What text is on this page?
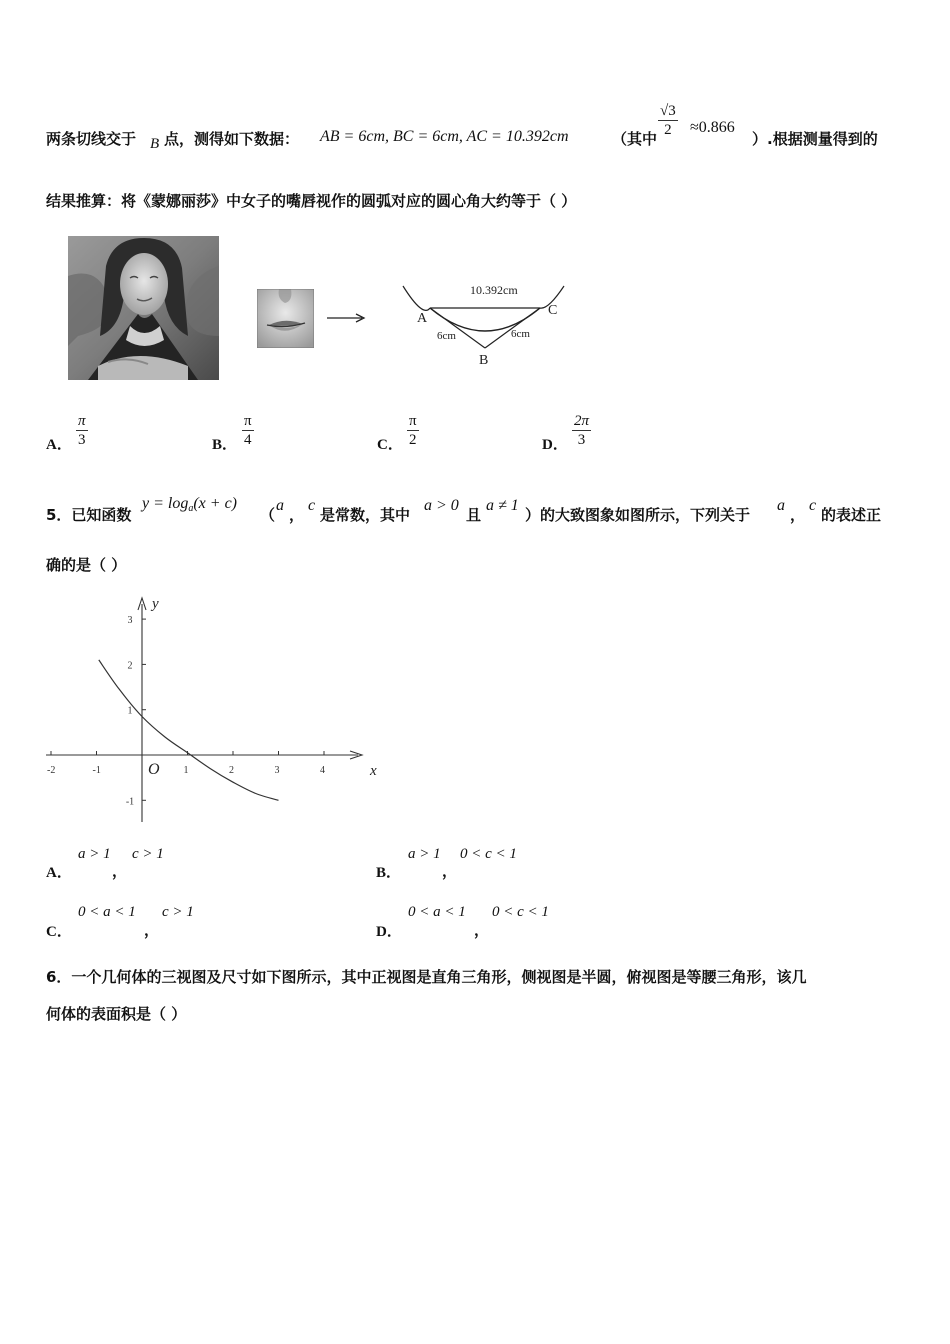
两条切线交于 B 点，测得如下数据： AB = 6cm, BC = 6cm, AC = 10.392cm	（其中 $\frac{√3}{2} \approx 0.866$
）.根据测量得到的
结果推算：将《蒙娜丽莎》中女子的嘴唇视作的圆弧对应的圆心角大约等于（ ）
10.392cm
A
C
B
6cm	6cm
A． $\frac{\pi}{3}$	B． $\frac{\pi}{4}$	C． $\frac{\pi}{2}$	D． $\frac{2\pi}{3}$
5．已知函数
$y = \log_a(x + c)$
（
a
，
c
是常数，其中
a > 0
且
a ≠ 1
）的大致图象如图所示，下列关于
a
，
c
的表述正
确的是（ ）
-2	-1	1	2	3	4
3
2
1
-1
y
x
O
A．
a > 1
，
c > 1
B．
a > 1
，
0 < c < 1
C．
0 < a < 1
，
c > 1
D．
0 < a < 1
，
0 < c < 1
6．一个几何体的三视图及尺寸如下图所示，其中正视图是直角三角形，侧视图是半圆，俯视图是等腰三角形，该几
何体的表面积是（ ）
